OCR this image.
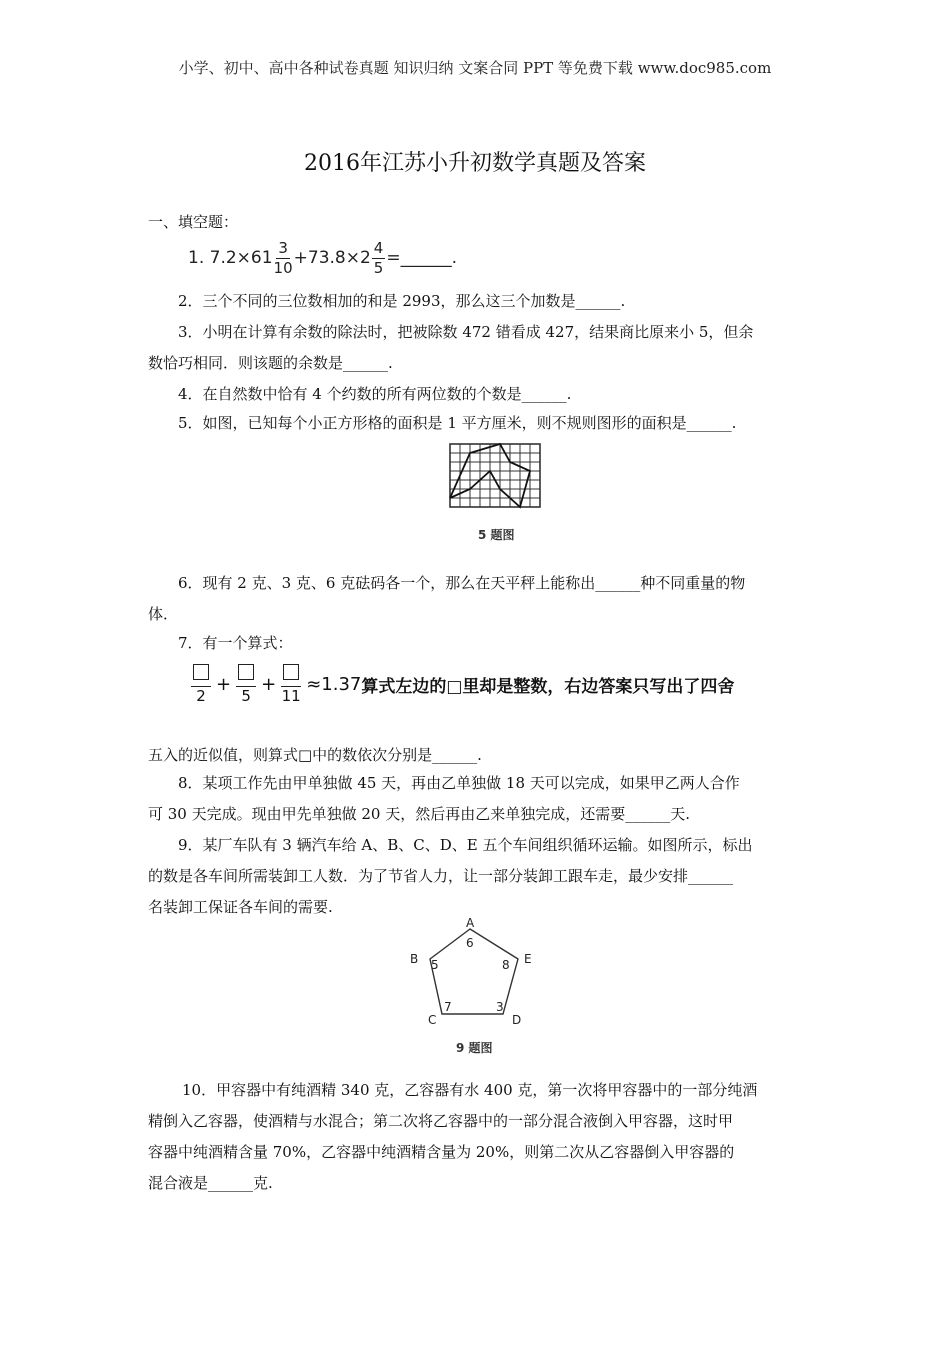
小学、初中、高中各种试卷真题 知识归纳 文案合同 PPT 等免费下载 www.doc985.com
2016年江苏小升初数学真题及答案
一、填空题：
1. $7.2\times 61 \frac{3}{10} +73.8\times 2 \frac{4}{5}$ =______.
2．三个不同的三位数相加的和是 2993，那么这三个加数是______.
3．小明在计算有余数的除法时，把被除数 472 错看成 427，结果商比原来小 5，但余
数恰巧相同．则该题的余数是______.
4．在自然数中恰有 4 个约数的所有两位数的个数是______.
5．如图，已知每个小正方形格的面积是 1 平方厘米，则不规则图形的面积是______.
5 题图
6．现有 2 克、3 克、6 克砝码各一个，那么在天平秤上能称出______种不同重量的物
体．
7．有一个算式：
2
+
5
+
11
≈1.37 算式左边的□里却是整数，右边答案只写出了四舍
五入的近似值，则算式□中的数依次分别是______.
8．某项工作先由甲单独做 45 天，再由乙单独做 18 天可以完成，如果甲乙两人合作
可 30 天完成。现由甲先单独做 20 天，然后再由乙来单独完成，还需要______天.
9．某厂车队有 3 辆汽车给 A、B、C、D、E 五个车间组织循环运输。如图所示，标出
的数是各车间所需装卸工人数．为了节省人力，让一部分装卸工跟车走，最少安排______
名装卸工保证各车间的需要.
A
B
C	D
E
6
5
7	3
8
9 题图
10．甲容器中有纯酒精 340 克，乙容器有水 400 克，第一次将甲容器中的一部分纯酒
精倒入乙容器，使酒精与水混合；第二次将乙容器中的一部分混合液倒入甲容器，这时甲
容器中纯酒精含量 70%，乙容器中纯酒精含量为 20%，则第二次从乙容器倒入甲容器的
混合液是______克.
